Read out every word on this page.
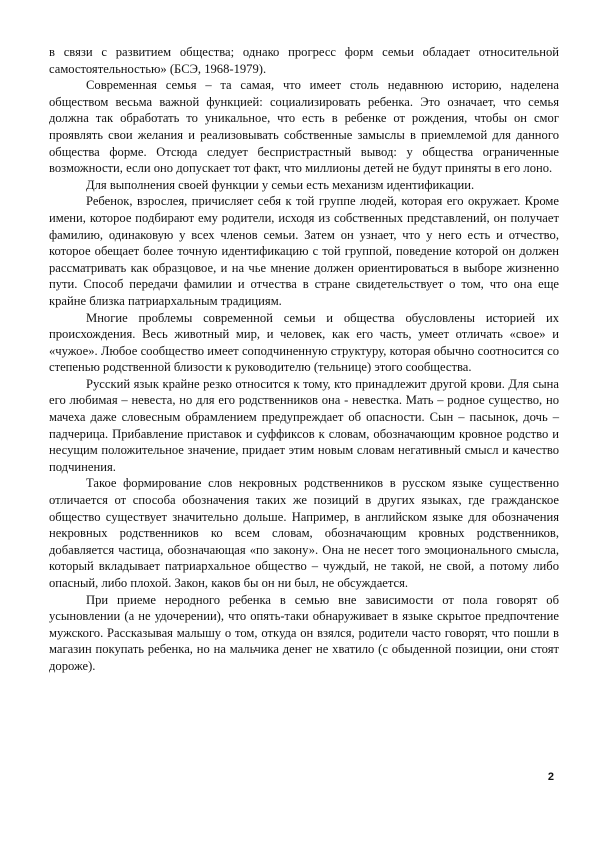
в связи с развитием общества; однако прогресс форм семьи обладает относительной самостоятельностью» (БСЭ, 1968-1979).

Современная семья – та самая, что имеет столь недавнюю историю, наделена обществом весьма важной функцией: социализировать ребенка. Это означает, что семья должна так обработать то уникальное, что есть в ребенке от рождения, чтобы он смог проявлять свои желания и реализовывать собственные замыслы в приемлемой для данного общества форме. Отсюда следует беспристрастный вывод: у общества ограниченные возможности, если оно допускает тот факт, что миллионы детей не будут приняты в его лоно.

Для выполнения своей функции у семьи есть механизм идентификации.

Ребенок, взрослея, причисляет себя к той группе людей, которая его окружает. Кроме имени, которое подбирают ему родители, исходя из собственных представлений, он получает фамилию, одинаковую у всех членов семьи. Затем он узнает, что у него есть и отчество, которое обещает более точную идентификацию с той группой, поведение которой он должен рассматривать как образцовое, и на чье мнение должен ориентироваться в выборе жизненно пути. Способ передачи фамилии и отчества в стране свидетельствует о том, что она еще крайне близка патриархальным традициям.

Многие проблемы современной семьи и общества обусловлены историей их происхождения. Весь животный мир, и человек, как его часть, умеет отличать «свое» и «чужое». Любое сообщество имеет соподчиненную структуру, которая обычно соотносится со степенью родственной близости к руководителю (тельнице) этого сообщества.

Русский язык крайне резко относится к тому, кто принадлежит другой крови. Для сына его любимая – невеста, но для его родственников она - невестка. Мать – родное существо, но мачеха даже словесным обрамлением предупреждает об опасности. Сын – пасынок, дочь – падчерица. Прибавление приставок и суффиксов к словам, обозначающим кровное родство и несущим положительное значение, придает этим новым словам негативный смысл и качество подчинения.

Такое формирование слов некровных родственников в русском языке существенно отличается от способа обозначения таких же позиций в других языках, где гражданское общество существует значительно дольше. Например, в английском языке для обозначения некровных родственников ко всем словам, обозначающим кровных родственников, добавляется частица, обозначающая «по закону». Она не несет того эмоционального смысла, который вкладывает патриархальное общество – чуждый, не такой, не свой, а потому либо опасный, либо плохой. Закон, каков бы он ни был, не обсуждается.

При приеме неродного ребенка в семью вне зависимости от пола говорят об усыновлении (а не удочерении), что опять-таки обнаруживает в языке скрытое предпочтение мужского. Рассказывая малышу о том, откуда он взялся, родители часто говорят, что пошли в магазин покупать ребенка, но на мальчика денег не хватило (с обыденной позиции, они стоят дороже).

2
